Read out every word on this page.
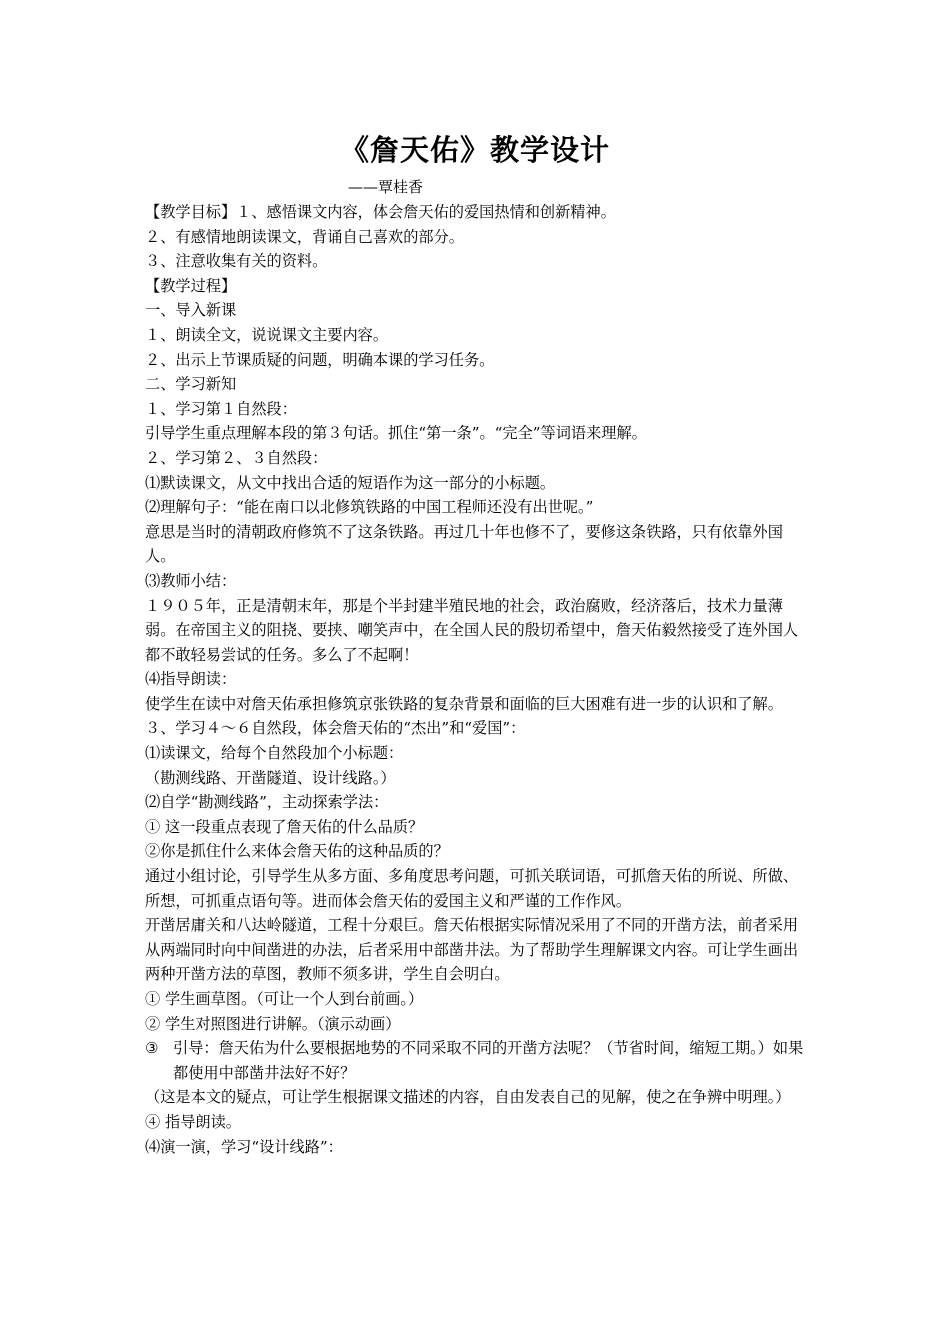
《詹天佑》教学设计
——覃桂香

【教学目标】１、感悟课文内容，体会詹天佑的爱国热情和创新精神。

２、有感情地朗读课文，背诵自己喜欢的部分。

３、注意收集有关的资料。

【教学过程】

一、导入新课

１、朗读全文，说说课文主要内容。

２、出示上节课质疑的问题，明确本课的学习任务。

二、学习新知

１、学习第１自然段：

引导学生重点理解本段的第３句话。抓住“第一条”。“完全”等词语来理解。

２、学习第２、３自然段：

⑴默读课文，从文中找出合适的短语作为这一部分的小标题。

⑵理解句子：“能在南口以北修筑铁路的中国工程师还没有出世呢。”

意思是当时的清朝政府修筑不了这条铁路。再过几十年也修不了，要修这条铁路，只有依靠外国人。

⑶教师小结：

１９０５年，正是清朝末年，那是个半封建半殖民地的社会，政治腐败，经济落后，技术力量薄弱。在帝国主义的阻挠、要挟、嘲笑声中，在全国人民的殷切希望中，詹天佑毅然接受了连外国人都不敢轻易尝试的任务。多么了不起啊！

⑷指导朗读：

使学生在读中对詹天佑承担修筑京张铁路的复杂背景和面临的巨大困难有进一步的认识和了解。

３、学习４～６自然段，体会詹天佑的“杰出”和“爱国”：

⑴读课文，给每个自然段加个小标题：

（勘测线路、开凿隧道、设计线路。）

⑵自学“勘测线路”，主动探索学法：

① 这一段重点表现了詹天佑的什么品质？

②你是抓住什么来体会詹天佑的这种品质的？

通过小组讨论，引导学生从多方面、多角度思考问题，可抓关联词语，可抓詹天佑的所说、所做、所想，可抓重点语句等。进而体会詹天佑的爱国主义和严谨的工作作风。

开凿居庸关和八达岭隧道，工程十分艰巨。詹天佑根据实际情况采用了不同的开凿方法，前者采用从两端同时向中间凿进的办法，后者采用中部凿井法。为了帮助学生理解课文内容。可让学生画出两种开凿方法的草图，教师不须多讲，学生自会明白。

① 学生画草图。（可让一个人到台前画。）

② 学生对照图进行讲解。（演示动画）

③ 引导：詹天佑为什么要根据地势的不同采取不同的开凿方法呢？（节省时间，缩短工期。）如果都使用中部凿井法好不好？

（这是本文的疑点，可让学生根据课文描述的内容，自由发表自己的见解，使之在争辨中明理。）

④ 指导朗读。

⑷演一演，学习“设计线路”：
